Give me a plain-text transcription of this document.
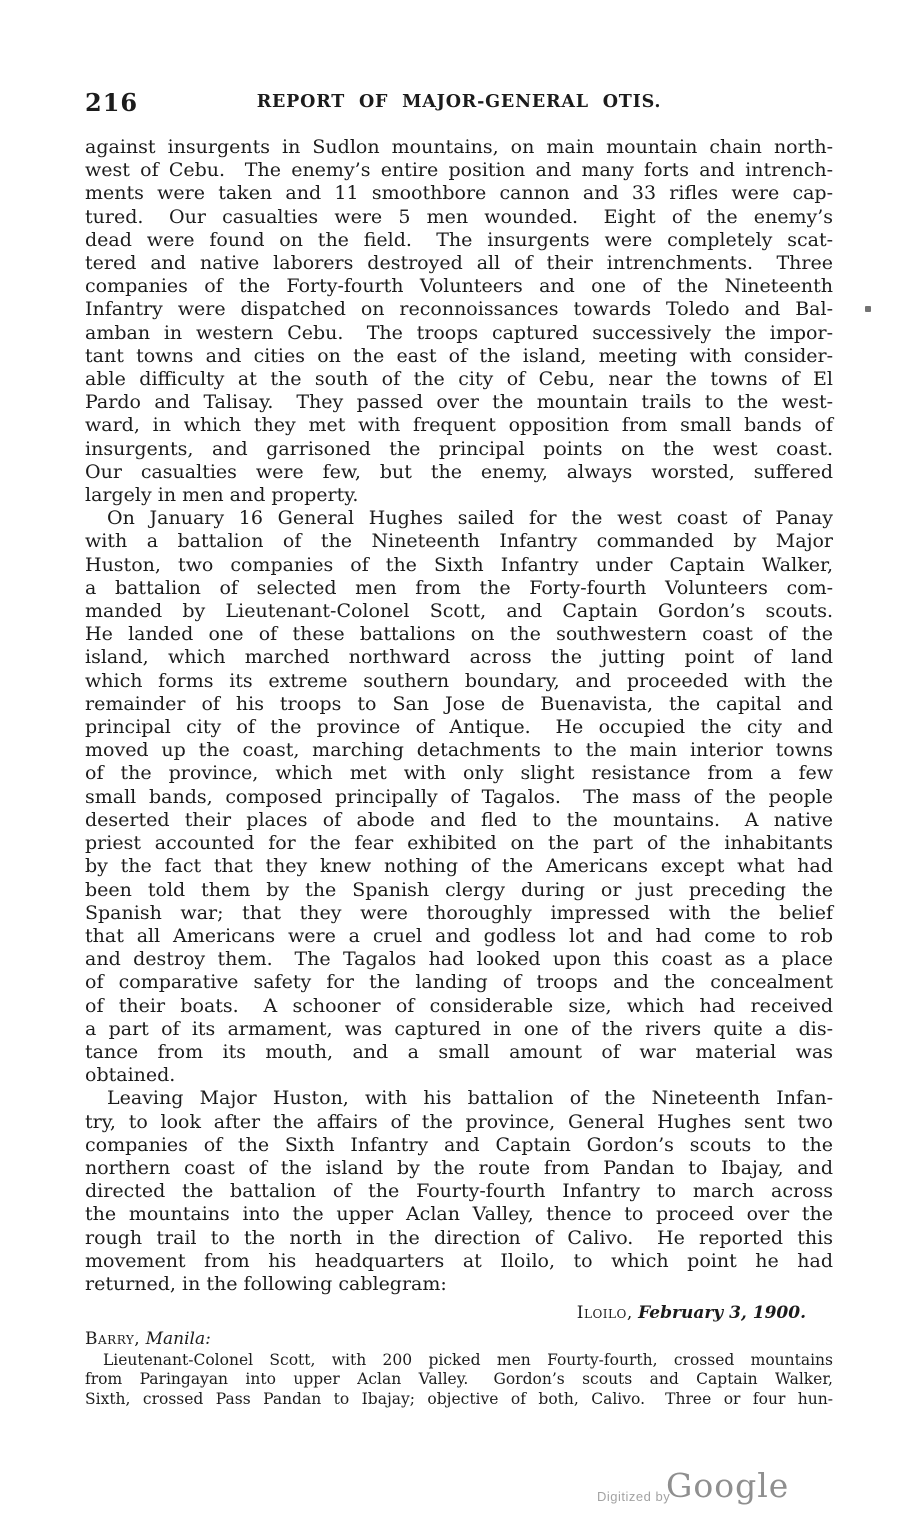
216	REPORT OF MAJOR-GENERAL OTIS.
against insurgents in Sudlon mountains, on main mountain chain north-
west of Cebu.  The enemy’s entire position and many forts and intrench-
ments were taken and 11 smoothbore cannon and 33 rifles were cap-
tured.  Our casualties were 5 men wounded.  Eight of the enemy’s
dead were found on the field.  The insurgents were completely scat-
tered and native laborers destroyed all of their intrenchments.  Three
companies of the Forty-fourth Volunteers and one of the Nineteenth
Infantry were dispatched on reconnoissances towards Toledo and Bal-
amban in western Cebu.  The troops captured successively the impor-
tant towns and cities on the east of the island, meeting with consider-
able difficulty at the south of the city of Cebu, near the towns of El
Pardo and Talisay.  They passed over the mountain trails to the west-
ward, in which they met with frequent opposition from small bands of
insurgents, and garrisoned the principal points on the west coast.
Our casualties were few, but the enemy, always worsted, suffered
largely in men and property.
On January 16 General Hughes sailed for the west coast of Panay
with a battalion of the Nineteenth Infantry commanded by Major
Huston, two companies of the Sixth Infantry under Captain Walker,
a battalion of selected men from the Forty-fourth Volunteers com-
manded by Lieutenant-Colonel Scott, and Captain Gordon’s scouts.
He landed one of these battalions on the southwestern coast of the
island, which marched northward across the jutting point of land
which forms its extreme southern boundary, and proceeded with the
remainder of his troops to San Jose de Buenavista, the capital and
principal city of the province of Antique.  He occupied the city and
moved up the coast, marching detachments to the main interior towns
of the province, which met with only slight resistance from a few
small bands, composed principally of Tagalos.  The mass of the people
deserted their places of abode and fled to the mountains.  A native
priest accounted for the fear exhibited on the part of the inhabitants
by the fact that they knew nothing of the Americans except what had
been told them by the Spanish clergy during or just preceding the
Spanish war; that they were thoroughly impressed with the belief
that all Americans were a cruel and godless lot and had come to rob
and destroy them.  The Tagalos had looked upon this coast as a place
of comparative safety for the landing of troops and the concealment
of their boats.  A schooner of considerable size, which had received
a part of its armament, was captured in one of the rivers quite a dis-
tance from its mouth, and a small amount of war material was
obtained.
Leaving Major Huston, with his battalion of the Nineteenth Infan-
try, to look after the affairs of the province, General Hughes sent two
companies of the Sixth Infantry and Captain Gordon’s scouts to the
northern coast of the island by the route from Pandan to Ibajay, and
directed the battalion of the Fourty-fourth Infantry to march across
the mountains into the upper Aclan Valley, thence to proceed over the
rough trail to the north in the direction of Calivo.  He reported this
movement from his headquarters at Iloilo, to which point he had
returned, in the following cablegram:
Iloilo, February 3, 1900.
Barry, Manila:
Lieutenant-Colonel Scott, with 200 picked men Fourty-fourth, crossed mountains
from Paringayan into upper Aclan Valley.  Gordon’s scouts and Captain Walker,
Sixth, crossed Pass Pandan to Ibajay; objective of both, Calivo.  Three or four hun-
Digitized by
Google
